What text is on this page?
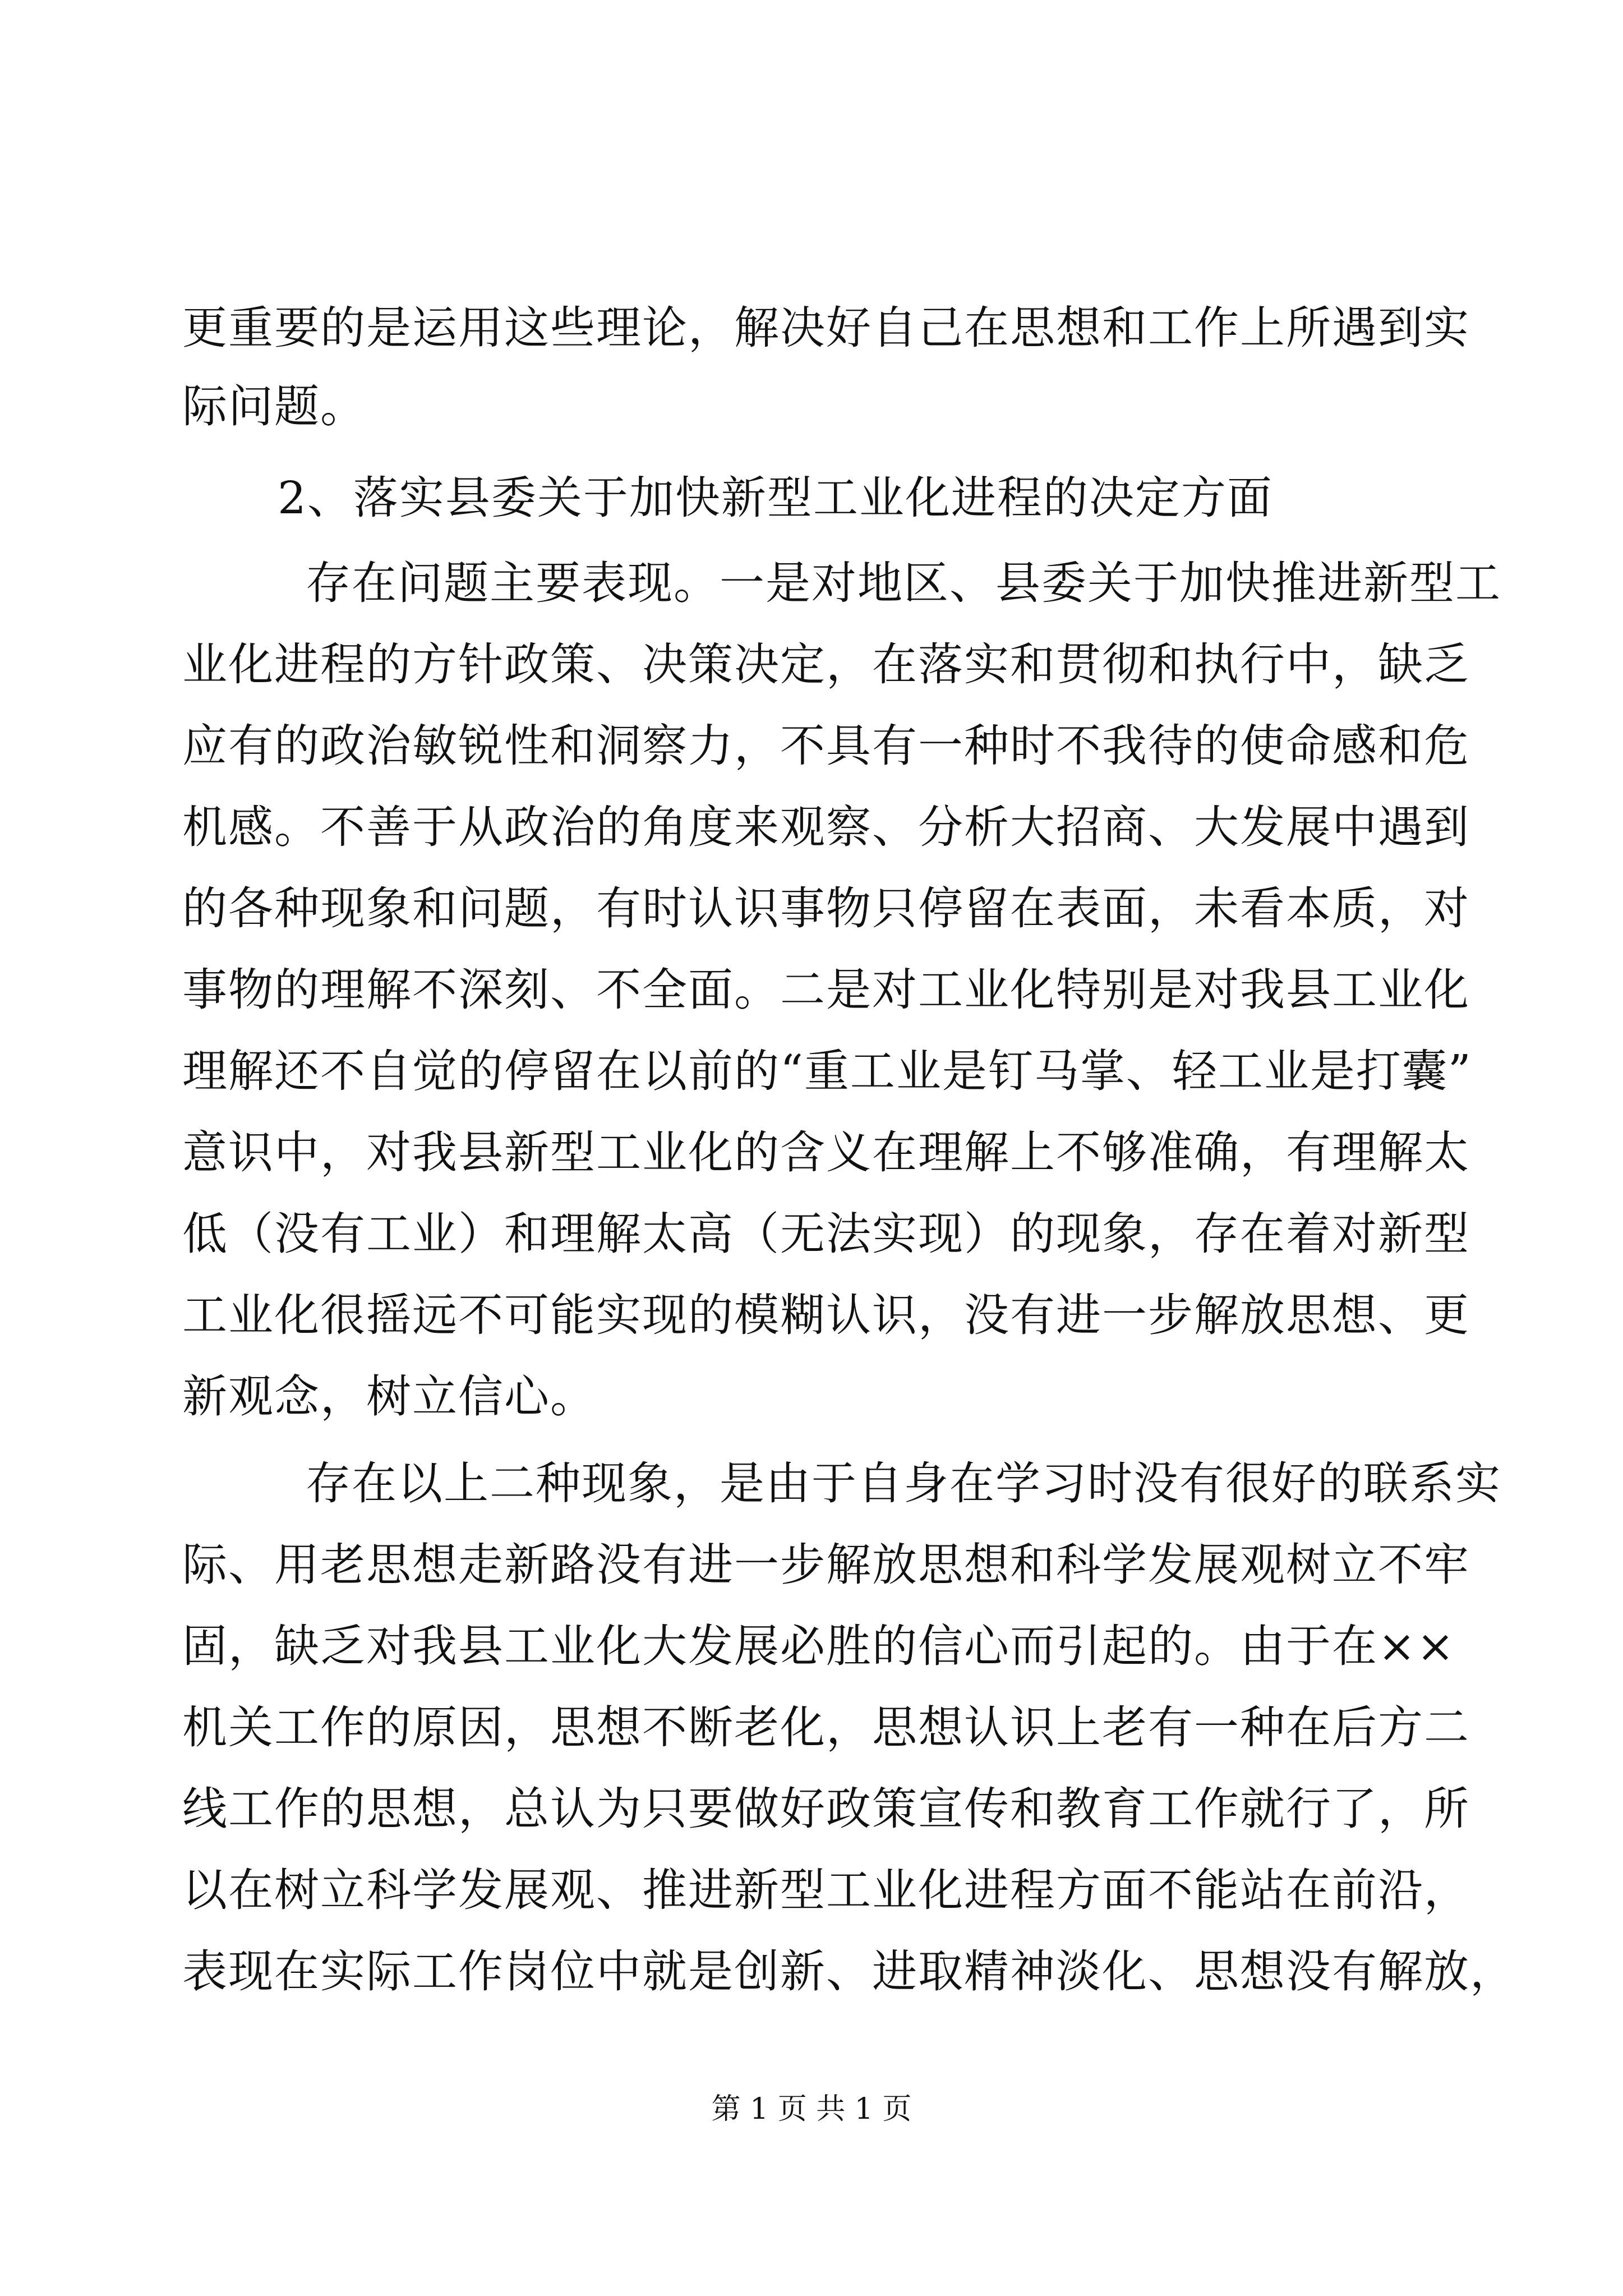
更重要的是运用这些理论，解决好自己在思想和工作上所遇到实
际问题。
2、落实县委关于加快新型工业化进程的决定方面
存在问题主要表现。一是对地区、县委关于加快推进新型工
业化进程的方针政策、决策决定，在落实和贯彻和执行中，缺乏
应有的政治敏锐性和洞察力，不具有一种时不我待的使命感和危
机感。不善于从政治的角度来观察、分析大招商、大发展中遇到
的各种现象和问题，有时认识事物只停留在表面，未看本质，对
事物的理解不深刻、不全面。二是对工业化特别是对我县工业化
理解还不自觉的停留在以前的“重工业是钉马掌、轻工业是打囊”
意识中，对我县新型工业化的含义在理解上不够准确，有理解太
低（没有工业）和理解太高（无法实现）的现象，存在着对新型
工业化很摇远不可能实现的模糊认识，没有进一步解放思想、更
新观念，树立信心。
存在以上二种现象，是由于自身在学习时没有很好的联系实
际、用老思想走新路没有进一步解放思想和科学发展观树立不牢
固，缺乏对我县工业化大发展必胜的信心而引起的。由于在××
机关工作的原因，思想不断老化，思想认识上老有一种在后方二
线工作的思想，总认为只要做好政策宣传和教育工作就行了，所
以在树立科学发展观、推进新型工业化进程方面不能站在前沿，
表现在实际工作岗位中就是创新、进取精神淡化、思想没有解放，
第 1 页 共 1 页
